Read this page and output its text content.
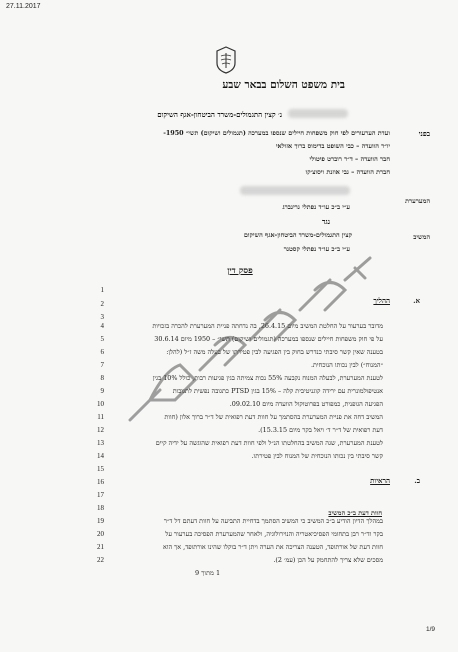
27.11.2017
בית משפט השלום בבאר שבע
נ׳ קצין התגמולים-משרד הביטחון-אגף השיקום
בפני
ועדת הערעורים לפי חוק משפחות חיילים שנספו במערכה (תגמולים ושיקום) תשי״ 1950-
יו״ר הוועדה – כבי השופט בדימוס ברוך אזולאי
חבר הוועדה – ד״ר רוברט פיטולי
חברת הוועדה – גבי אוזנת ויסוצ׳קו
המערערת
ע״י ב״כ עו״ד נפתלי גרינברג
נגד
המשיב
קצין התגמולים-משרד הביטחון-אגף השיקום
ע״י ב״כ עו״ד נפתלי קסטנר
פסק דין
א.
ההליך
ב.
הראיות
חוות דעת ב״כ המשיב
1
2
3
4	מדובר בערעור על החלטת המשיב מיום 26.4.15, בה נדחתה פניית המערערת להכרה בזכויות
5	על פי חוק משפחות חיילים שנספו במערכה (תגמולים ושיקום) תשי״ – 1950 מיום 30.6.14
6	בטענה שאין קשר סיבתי כנדרש בחוק בין הפגיעה לבין פטירתו של בעלה משה ז״ל (להלן:
7	״המנוח״) לבין נכותו הנוכחית.
8	לטענת המערערת, לבעלה המנוח נקבעה 55% נכות צמיתה בגין פגיעות רבות, כולל 10% בגין
9	אנטיפולמונרית עם ירידה קוגניטיבית קלה – 15% בגין PTSD כתגובה נפשית לתגובות
10	הפגיעה הגופנית, כמפורט בפרוטוקול הוועדה מיום 09.02.10.
11	המשיב דחה את פניית המערערת בהסתמך על חוות דעת רפואית של ד״ר ברוך אלון (חוות
12	דעת רפואית של ד״ר ד׳ ויאל בקר מיום 15.3.15).
13	לטענת המערערת, שגה המשיב בהחלטתו הנ״ל ולפי חוות דעת רפואית שהוגשה על ידיה קיים
14	קשר סיבתי בין נכותו הנוכחית של המנוח לבין פטירתו.
15
16
17
18
19	במהלך הדיון הודיע ב״כ המשיב כי המשיב הסתמך בדחיית התביעה על חוות דעתם דל ד״ר
20	בקר וד״ר רבן בתחומי הפסיכיאטריה והנוירולוגיה, ולאחר שהמערערת הפסיכה בערעור על
21	חוות דעת של אורתופד, הטענה הצריכה את הערה ויתן ד״ר בוקלו שהינו אורתופד, אך הוא
22	מסכים שלא צריך להתחמק על הכן (עמ׳ 2).
1 מתוך 9
1/9
